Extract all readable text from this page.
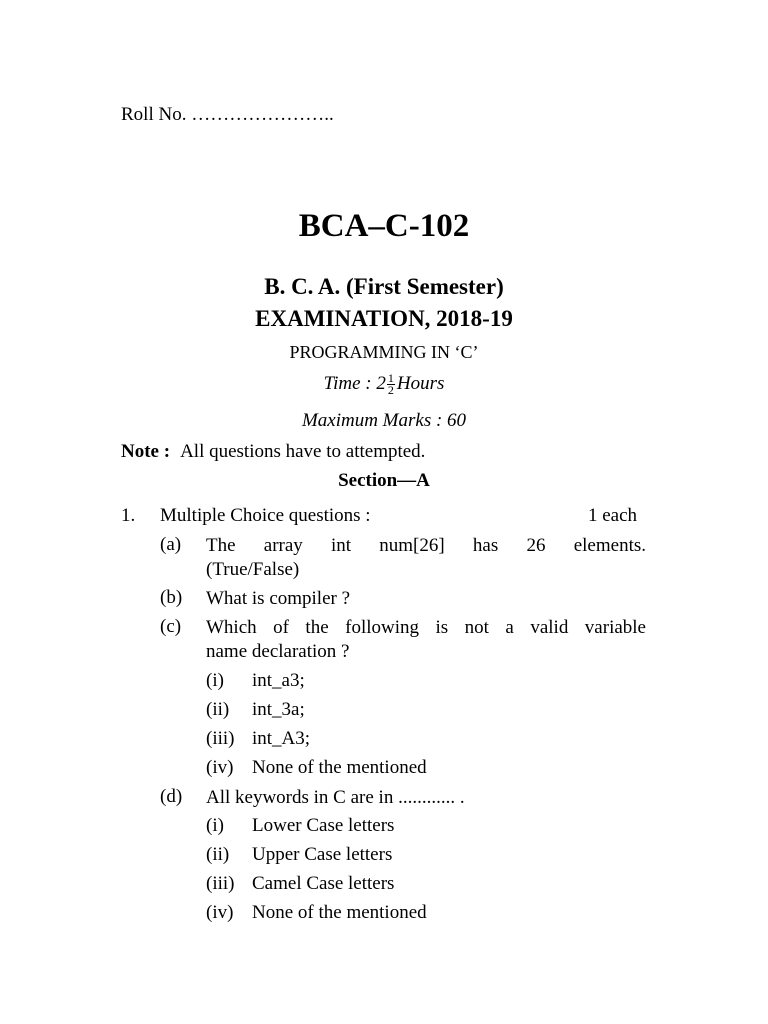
Roll No. …………………..
BCA–C-102
B. C. A. (First Semester)
EXAMINATION, 2018-19
PROGRAMMING IN ‘C’
Time : $2 \frac{1}{2}$ Hours
Maximum Marks : 60
Note : All questions have to attempted.
Section—A
1. Multiple Choice questions :	1 each
(a) The array int num[26] has 26 elements.
(True/False)
(b) What is compiler ?
(c) Which of the following is not a valid variable
name declaration ?
(i) int_a3;
(ii) int_3a;
(iii) int_A3;
(iv) None of the mentioned
(d) All keywords in C are in ............ .
(i) Lower Case letters
(ii) Upper Case letters
(iii) Camel Case letters
(iv) None of the mentioned
